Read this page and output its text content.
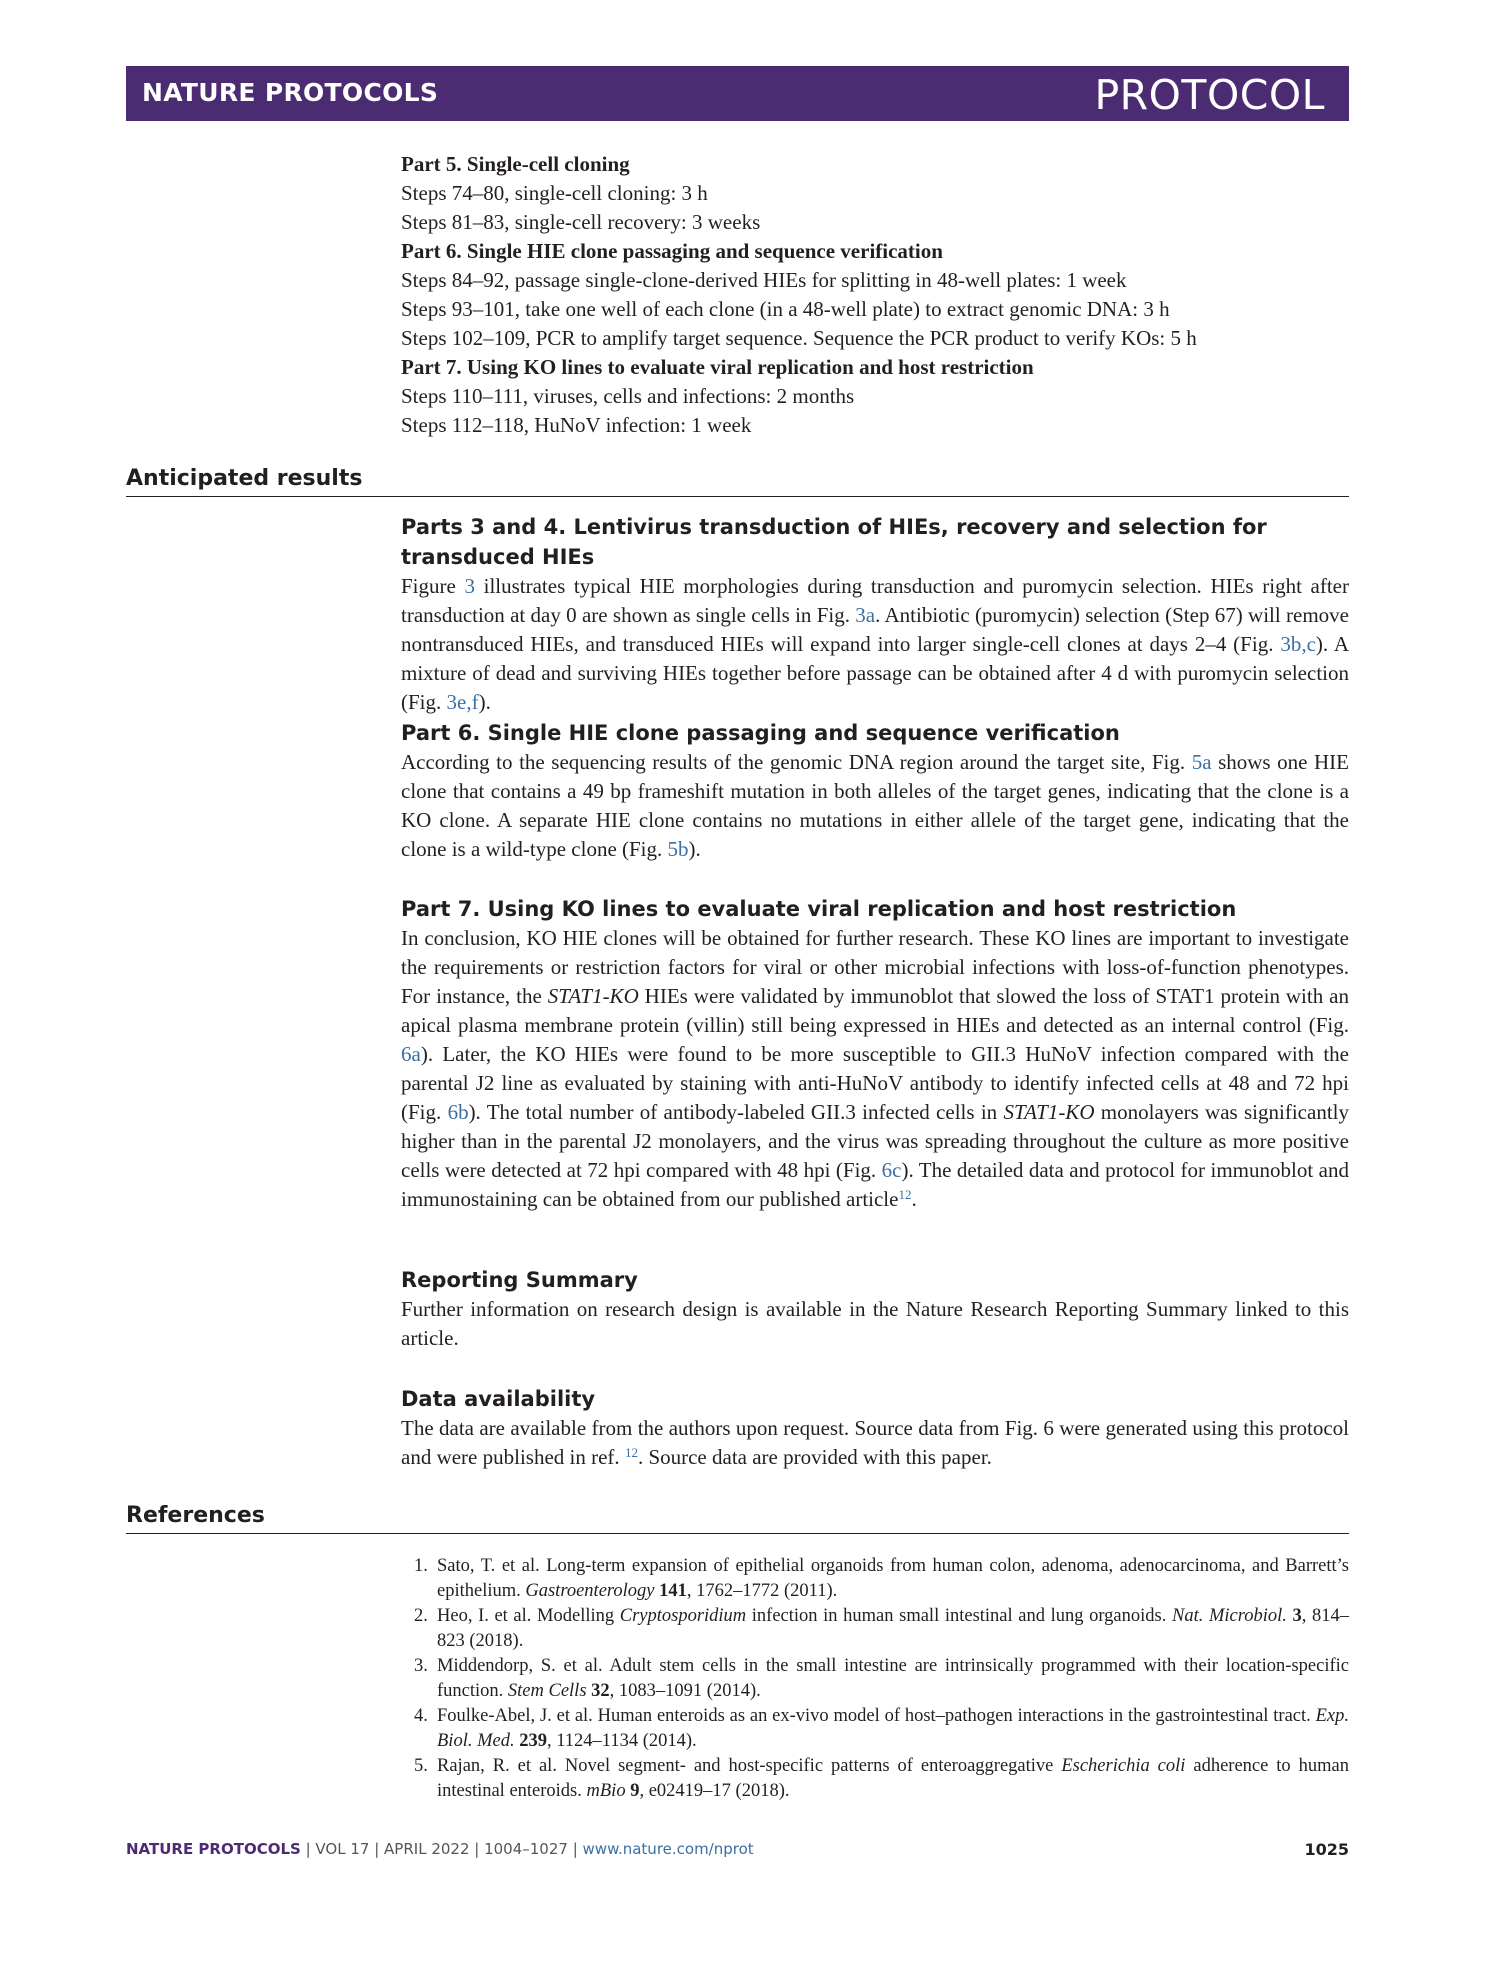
NATURE PROTOCOLS	PROTOCOL
Part 5. Single-cell cloning
Steps 74–80, single-cell cloning: 3 h
Steps 81–83, single-cell recovery: 3 weeks
Part 6. Single HIE clone passaging and sequence verification
Steps 84–92, passage single-clone-derived HIEs for splitting in 48-well plates: 1 week
Steps 93–101, take one well of each clone (in a 48-well plate) to extract genomic DNA: 3 h
Steps 102–109, PCR to amplify target sequence. Sequence the PCR product to verify KOs: 5 h
Part 7. Using KO lines to evaluate viral replication and host restriction
Steps 110–111, viruses, cells and infections: 2 months
Steps 112–118, HuNoV infection: 1 week
Anticipated results
Parts 3 and 4. Lentivirus transduction of HIEs, recovery and selection for transduced HIEs

Figure 3 illustrates typical HIE morphologies during transduction and puromycin selection. HIEs right after transduction at day 0 are shown as single cells in Fig. 3a. Antibiotic (puromycin) selection (Step 67) will remove nontransduced HIEs, and transduced HIEs will expand into larger single-cell clones at days 2–4 (Fig. 3b,c). A mixture of dead and surviving HIEs together before passage can be obtained after 4 d with puromycin selection (Fig. 3e,f).

Part 6. Single HIE clone passaging and sequence verification

According to the sequencing results of the genomic DNA region around the target site, Fig. 5a shows one HIE clone that contains a 49 bp frameshift mutation in both alleles of the target genes, indicating that the clone is a KO clone. A separate HIE clone contains no mutations in either allele of the target gene, indicating that the clone is a wild-type clone (Fig. 5b).

Part 7. Using KO lines to evaluate viral replication and host restriction

In conclusion, KO HIE clones will be obtained for further research. These KO lines are important to investigate the requirements or restriction factors for viral or other microbial infections with loss-of-function phenotypes. For instance, the STAT1-KO HIEs were validated by immunoblot that slowed the loss of STAT1 protein with an apical plasma membrane protein (villin) still being expressed in HIEs and detected as an internal control (Fig. 6a). Later, the KO HIEs were found to be more susceptible to GII.3 HuNoV infection compared with the parental J2 line as evaluated by staining with anti-HuNoV antibody to identify infected cells at 48 and 72 hpi (Fig. 6b). The total number of antibody-labeled GII.3 infected cells in STAT1-KO monolayers was significantly higher than in the parental J2 monolayers, and the virus was spreading throughout the culture as more positive cells were detected at 72 hpi compared with 48 hpi (Fig. 6c). The detailed data and protocol for immunoblot and immunostaining can be obtained from our published article$^{12}$.

Reporting Summary

Further information on research design is available in the Nature Research Reporting Summary linked to this article.

Data availability

The data are available from the authors upon request. Source data from Fig. 6 were generated using this protocol and were published in ref. $^{12}$. Source data are provided with this paper.

References
1. Sato, T. et al. Long-term expansion of epithelial organoids from human colon, adenoma, adenocarcinoma, and Barrett’s epithelium. Gastroenterology 141, 1762–1772 (2011).
2. Heo, I. et al. Modelling Cryptosporidium infection in human small intestinal and lung organoids. Nat. Microbiol. 3, 814–823 (2018).
3. Middendorp, S. et al. Adult stem cells in the small intestine are intrinsically programmed with their location-specific function. Stem Cells 32, 1083–1091 (2014).
4. Foulke-Abel, J. et al. Human enteroids as an ex-vivo model of host–pathogen interactions in the gastrointestinal tract. Exp. Biol. Med. 239, 1124–1134 (2014).
5. Rajan, R. et al. Novel segment- and host-specific patterns of enteroaggregative Escherichia coli adherence to human intestinal enteroids. mBio 9, e02419–17 (2018).
NATURE PROTOCOLS | VOL 17 | APRIL 2022 | 1004–1027 | www.nature.com/nprot	1025
